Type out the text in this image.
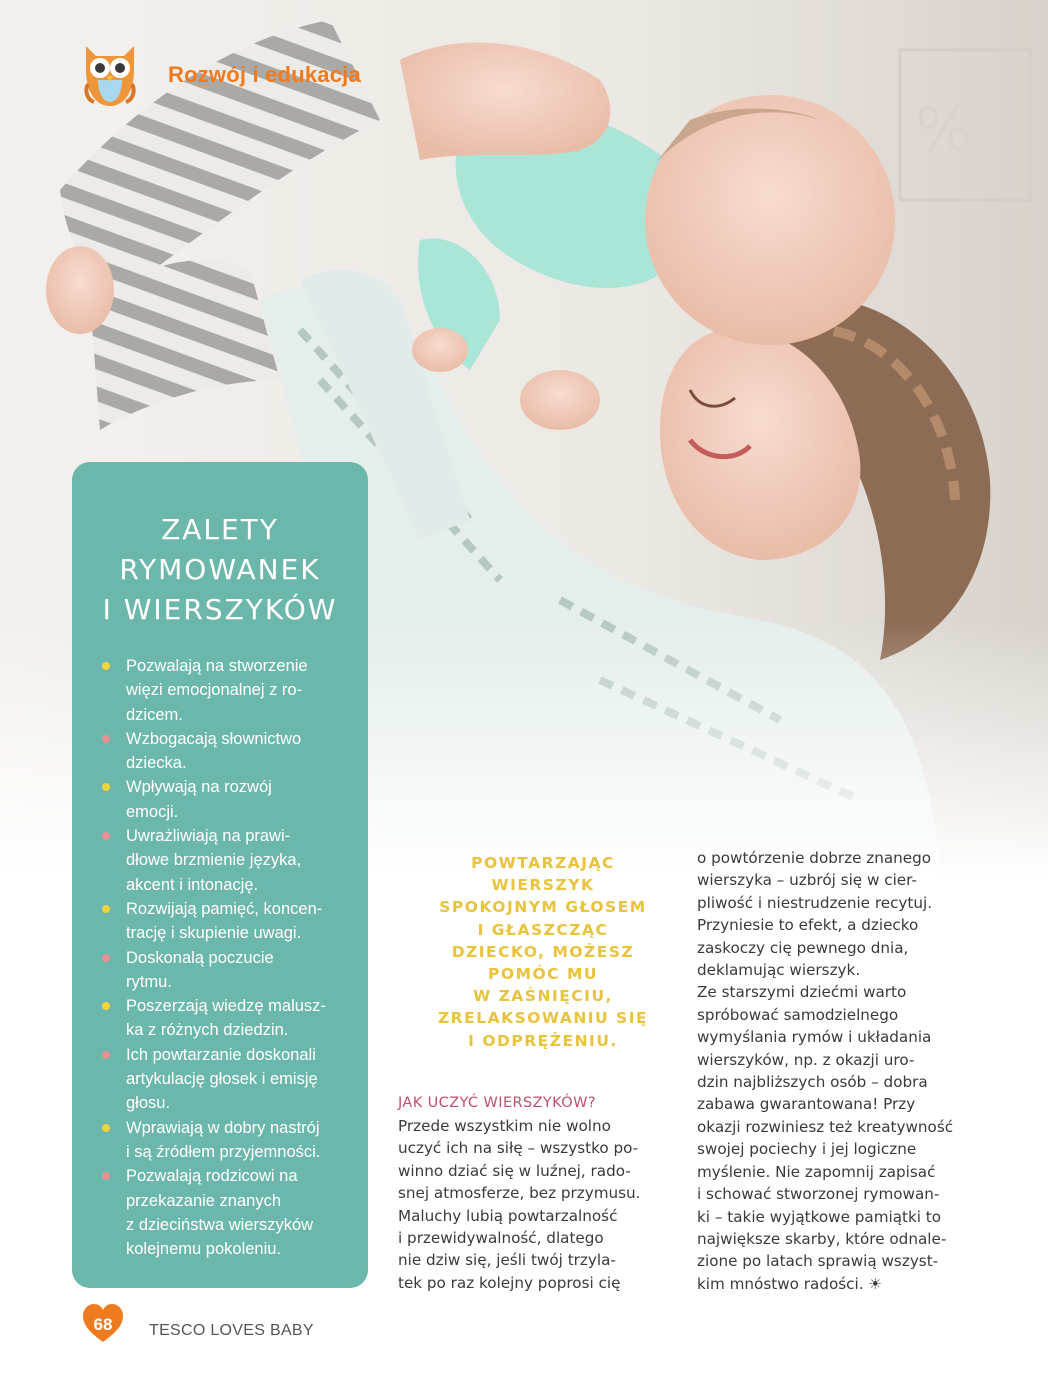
%
Rozwój i edukacja
ZALETY
RYMOWANEK
I WIERSZYKÓW
Pozwalają na stworzenie
więzi emocjonalnej z ro-
dzicem.
Wzbogacają słownictwo
dziecka.
Wpływają na rozwój
emocji.
Uwrażliwiają na prawi-
dłowe brzmienie języka,
akcent i intonację.
Rozwijają pamięć, koncen-
trację i skupienie uwagi.
Doskonalą poczucie
rytmu.
Poszerzają wiedzę malusz-
ka z różnych dziedzin.
Ich powtarzanie doskonali
artykulację głosek i emisję
głosu.
Wprawiają w dobry nastrój
i są źródłem przyjemności.
Pozwalają rodzicowi na
przekazanie znanych
z dzieciństwa wierszyków
kolejnemu pokoleniu.
POWTARZAJĄC
WIERSZYK
SPOKOJNYM GŁOSEM
I GŁASZCZĄC
DZIECKO, MOŻESZ
POMÓC MU
W ZAŚNIĘCIU,
ZRELAKSOWANIU SIĘ
I ODPRĘŻENIU.
JAK UCZYĆ WIERSZYKÓW?
Przede wszystkim nie wolno
uczyć ich na siłę – wszystko po-
winno dziać się w luźnej, rado-
snej atmosferze, bez przymusu.
Maluchy lubią powtarzalność
i przewidywalność, dlatego
nie dziw się, jeśli twój trzyla-
tek po raz kolejny poprosi cię
o powtórzenie dobrze znanego
wierszyka – uzbrój się w cier-
pliwość i niestrudzenie recytuj.
Przyniesie to efekt, a dziecko
zaskoczy cię pewnego dnia,
deklamując wierszyk.
Ze starszymi dziećmi warto
spróbować samodzielnego
wymyślania rymów i układania
wierszyków, np. z okazji uro-
dzin najbliższych osób – dobra
zabawa gwarantowana! Przy
okazji rozwiniesz też kreatywność
swojej pociechy i jej logiczne
myślenie. Nie zapomnij zapisać
i schować stworzonej rymowan-
ki – takie wyjątkowe pamiątki to
największe skarby, które odnale-
zione po latach sprawią wszyst-
kim mnóstwo radości. ☀
68	TESCO LOVES BABY
